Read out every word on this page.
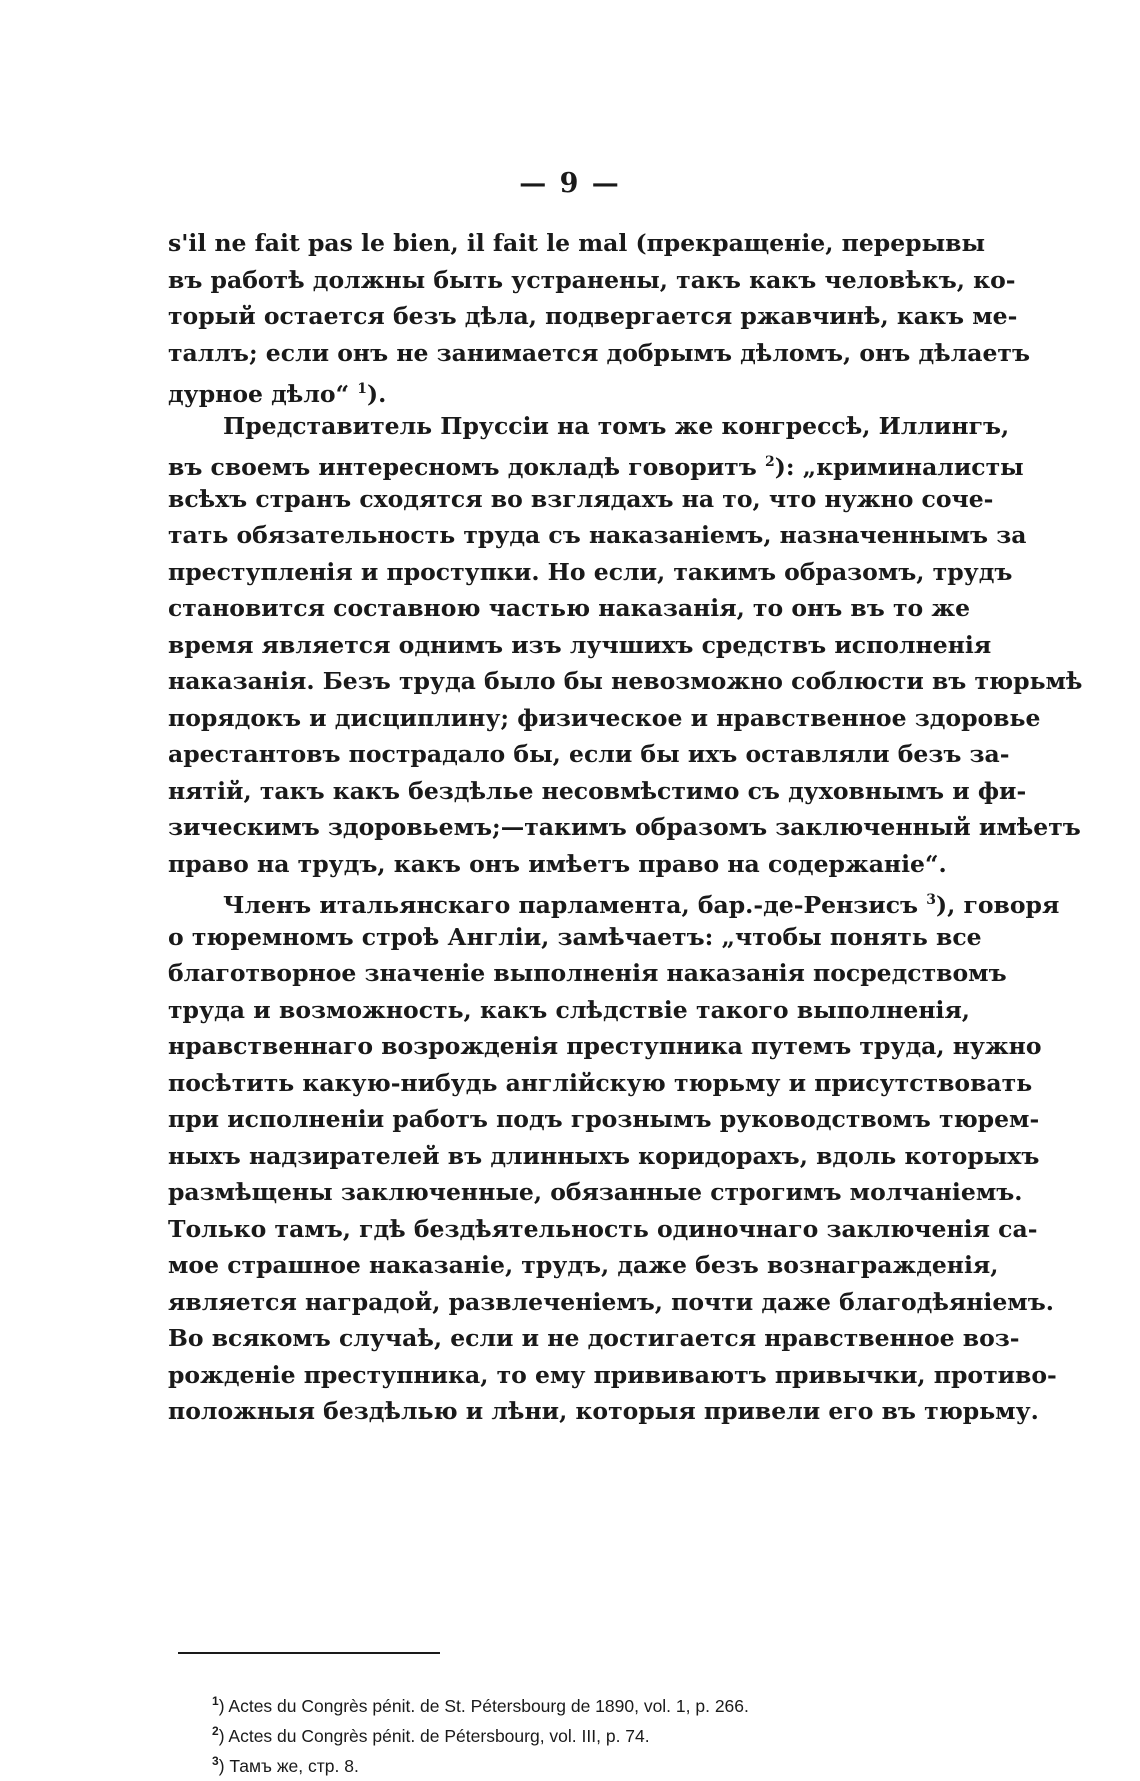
— 9 —
s'il ne fait pas le bien, il fait le mal (прекращеніе, перерывы
въ работѣ должны быть устранены, такъ какъ человѣкъ, ко-
торый остается безъ дѣла, подвергается ржавчинѣ, какъ ме-
таллъ; если онъ не занимается добрымъ дѣломъ, онъ дѣлаетъ
дурное дѣло“ $^1$).
Представитель Пруссіи на томъ же конгрессѣ, Иллингъ,
въ своемъ интересномъ докладѣ говоритъ $^2$): „криминалисты
всѣхъ странъ сходятся во взглядахъ на то, что нужно соче-
тать обязательность труда съ наказаніемъ, назначеннымъ за
преступленія и проступки. Но если, такимъ образомъ, трудъ
становится составною частью наказанія, то онъ въ то же
время является однимъ изъ лучшихъ средствъ исполненія
наказанія. Безъ труда было бы невозможно соблюсти въ тюрьмѣ
порядокъ и дисциплину; физическое и нравственное здоровье
арестантовъ пострадало бы, если бы ихъ оставляли безъ за-
нятій, такъ какъ бездѣлье несовмѣстимо съ духовнымъ и фи-
зическимъ здоровьемъ;—такимъ образомъ заключенный имѣетъ
право на трудъ, какъ онъ имѣетъ право на содержаніе“.
Членъ итальянскаго парламента, бар.-де-Рензисъ $^3$), говоря
о тюремномъ строѣ Англіи, замѣчаетъ: „чтобы понять все
благотворное значеніе выполненія наказанія посредствомъ
труда и возможность, какъ слѣдствіе такого выполненія,
нравственнаго возрожденія преступника путемъ труда, нужно
посѣтить какую-нибудь англійскую тюрьму и присутствовать
при исполненіи работъ подъ грознымъ руководствомъ тюрем-
ныхъ надзирателей въ длинныхъ коридорахъ, вдоль которыхъ
размѣщены заключенные, обязанные строгимъ молчаніемъ.
Только тамъ, гдѣ бездѣятельность одиночнаго заключенія са-
мое страшное наказаніе, трудъ, даже безъ вознагражденія,
является наградой, развлеченіемъ, почти даже благодѣяніемъ.
Во всякомъ случаѣ, если и не достигается нравственное воз-
рожденіе преступника, то ему прививаютъ привычки, противо-
положныя бездѣлью и лѣни, которыя привели его въ тюрьму.
$^1$) Actes du Congrès pénit. de St. Pétersbourg de 1890, vol. 1, p. 266.
$^2$) Actes du Congrès pénit. de Pétersbourg, vol. III, p. 74.
$^3$) Тамъ же, стр. 8.
